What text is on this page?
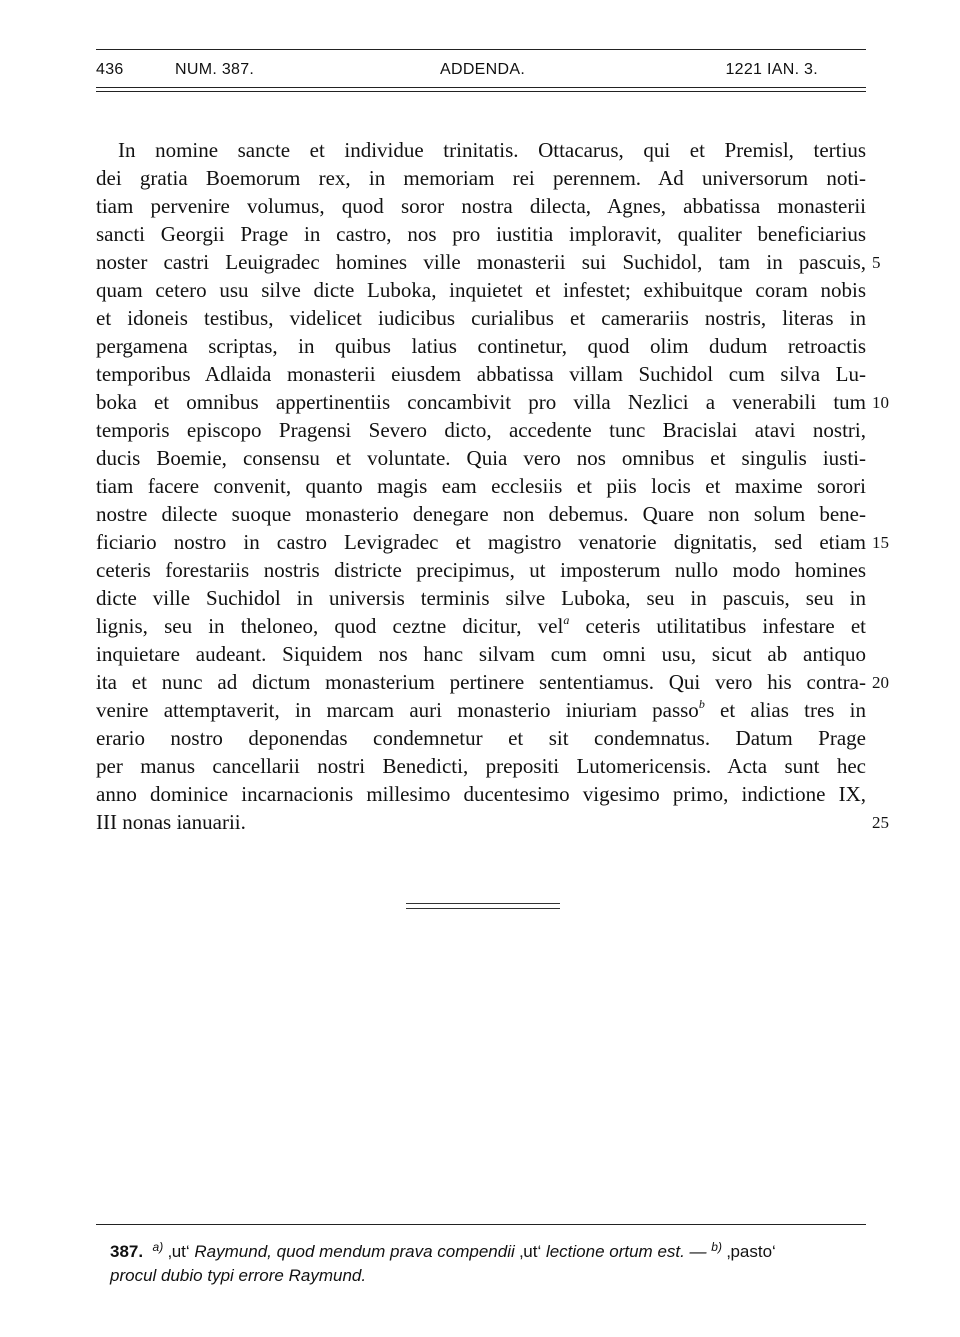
436	NUM. 387.	ADDENDA.	1221 IAN. 3.
In nomine sancte et individue trinitatis. Ottacarus, qui et Premisl, tertius
dei gratia Boemorum rex, in memoriam rei perennem. Ad universorum noti-
tiam pervenire volumus, quod soror nostra dilecta, Agnes, abbatissa monasterii
sancti Georgii Prage in castro, nos pro iustitia imploravit, qualiter beneficiarius
noster castri Leuigradec homines ville monasterii sui Suchidol, tam in pascuis,
quam cetero usu silve dicte Luboka, inquietet et infestet; exhibuitque coram nobis
et idoneis testibus, videlicet iudicibus curialibus et camerariis nostris, literas in
pergamena scriptas, in quibus latius continetur, quod olim dudum retroactis
temporibus Adlaida monasterii eiusdem abbatissa villam Suchidol cum silva Lu-
boka et omnibus appertinentiis concambivit pro villa Nezlici a venerabili tum
temporis episcopo Pragensi Severo dicto, accedente tunc Bracislai atavi nostri,
ducis Boemie, consensu et voluntate. Quia vero nos omnibus et singulis iusti-
tiam facere convenit, quanto magis eam ecclesiis et piis locis et maxime sorori
nostre dilecte suoque monasterio denegare non debemus. Quare non solum bene-
ficiario nostro in castro Levigradec et magistro venatorie dignitatis, sed etiam
ceteris forestariis nostris districte precipimus, ut imposterum nullo modo homines
dicte ville Suchidol in universis terminis silve Luboka, seu in pascuis, seu in
lignis, seu in theloneo, quod ceztne dicitur, vel$^a$ ceteris utilitatibus infestare et
inquietare audeant. Siquidem nos hanc silvam cum omni usu, sicut ab antiquo
ita et nunc ad dictum monasterium pertinere sententiamus. Qui vero his contra-
venire attemptaverit, in marcam auri monasterio iniuriam passo$^b$ et alias tres in
erario nostro deponendas condemnetur et sit condemnatus. Datum Prage
per manus cancellarii nostri Benedicti, prepositi Lutomericensis. Acta sunt hec
anno dominice incarnacionis millesimo ducentesimo vigesimo primo, indictione IX,
III nonas ianuarii.
5
10
15
20
25
387. $^{a)}$ ‚ut‘ Raymund, quod mendum prava compendii ‚ut‘ lectione ortum est. — $^{b)}$ ‚pasto‘
procul dubio typi errore Raymund.
